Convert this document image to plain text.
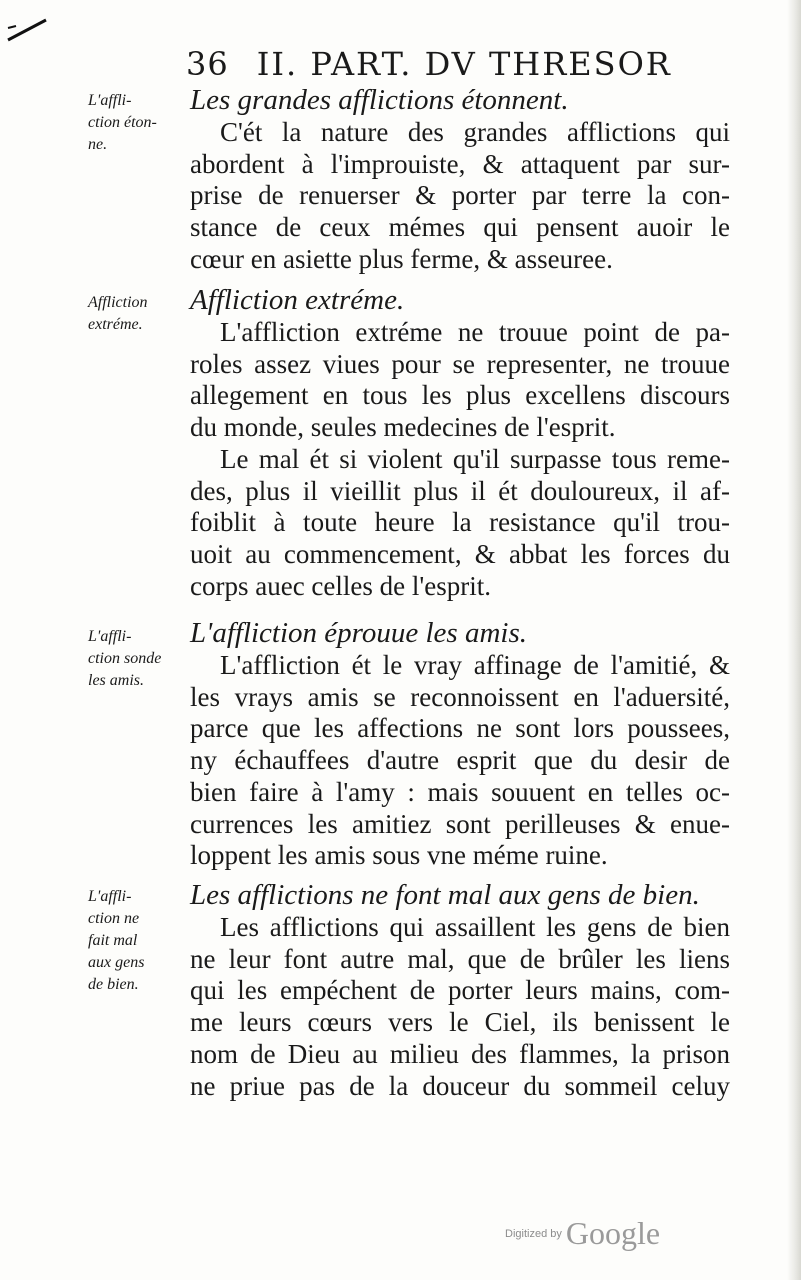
36 II. PART. DV THRESOR
L'affli-
ction éton-
ne.
Les grandes afflictions étonnent.
C'ét la nature des grandes afflictions qui
abordent à l'improuiste, & attaquent par sur-
prise de renuerser & porter par terre la con-
stance de ceux mémes qui pensent auoir le
cœur en asiette plus ferme, & asseuree.
Affliction
extréme.
Affliction extréme.
L'affliction extréme ne trouue point de pa-
roles assez viues pour se representer, ne trouue
allegement en tous les plus excellens discours
du monde, seules medecines de l'esprit.
Le mal ét si violent qu'il surpasse tous reme-
des, plus il vieillit plus il ét douloureux, il af-
foiblit à toute heure la resistance qu'il trou-
uoit au commencement, & abbat les forces du
corps auec celles de l'esprit.
L'affli-
ction sonde
les amis.
L'affliction éprouue les amis.
L'affliction ét le vray affinage de l'amitié, &
les vrays amis se reconnoissent en l'aduersité,
parce que les affections ne sont lors poussees,
ny échauffees d'autre esprit que du desir de
bien faire à l'amy : mais souuent en telles oc-
currences les amitiez sont perilleuses & enue-
loppent les amis sous vne méme ruine.
L'affli-
ction ne
fait mal
aux gens
de bien.
Les afflictions ne font mal aux gens de bien.
Les afflictions qui assaillent les gens de bien
ne leur font autre mal, que de brûler les liens
qui les empéchent de porter leurs mains, com-
me leurs cœurs vers le Ciel, ils benissent le
nom de Dieu au milieu des flammes, la prison
ne priue pas de la douceur du sommeil celuy
Digitized by Google
